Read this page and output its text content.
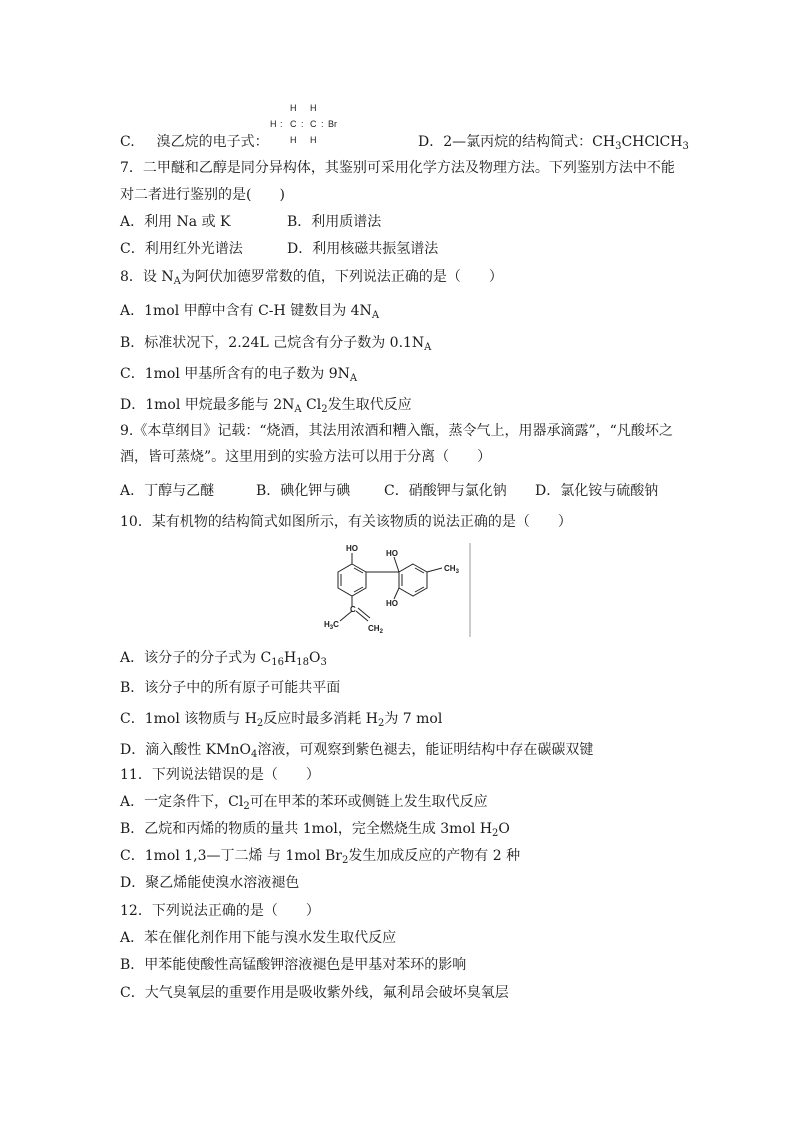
C. 溴乙烷的电子式：
H H
H : C : C : Br
H H	D．2—氯丙烷的结构简式：$CH_3CHClCH_3$
7．二甲醚和乙醇是同分异构体，其鉴别可采用化学方法及物理方法。下列鉴别方法中不能
对二者进行鉴别的是(　　)
A．利用 Na 或 K	B．利用质谱法
C．利用红外光谱法	D．利用核磁共振氢谱法
8．设 $N_A$为阿伏加德罗常数的值，下列说法正确的是（　　）
A．1mol 甲醇中含有 C-H 键数目为 $4N_A$
B．标准状况下，2.24L 己烷含有分子数为 $0.1N_A$
C．1mol 甲基所含有的电子数为 $9N_A$
D．1mol 甲烷最多能与 $2N_A$ $Cl_2$发生取代反应
9.《本草纲目》记载：“烧酒，其法用浓酒和糟入甑，蒸令气上，用器承滴露”，“凡酸坏之
酒，皆可蒸烧”。这里用到的实验方法可以用于分离（　　）
A．丁醇与乙醚	B．碘化钾与碘 C．硝酸钾与氯化钠 D．氯化铵与硫酸钠
10．某有机物的结构简式如图所示，有关该物质的说法正确的是（　　）
HO
HO
HO
$CH_3$
C
$H_3C$	$CH_2$
A．该分子的分子式为 $C_{16}H_{18}O_3$
B．该分子中的所有原子可能共平面
C．1mol 该物质与 $H_2$反应时最多消耗 $H_2$为 7 mol
D．滴入酸性 KMnO$_4$溶液，可观察到紫色褪去，能证明结构中存在碳碳双键
11．下列说法错误的是（　　）
A．一定条件下，$Cl_2$可在甲苯的苯环或侧链上发生取代反应
B．乙烷和丙烯的物质的量共 1mol，完全燃烧生成 3mol $H_2O$
C．1mol 1,3—丁二烯 与 1mol $Br_2$发生加成反应的产物有 2 种
D．聚乙烯能使溴水溶液褪色
12．下列说法正确的是（　　）
A．苯在催化剂作用下能与溴水发生取代反应
B．甲苯能使酸性高锰酸钾溶液褪色是甲基对苯环的影响
C．大气臭氧层的重要作用是吸收紫外线，氟利昂会破坏臭氧层
